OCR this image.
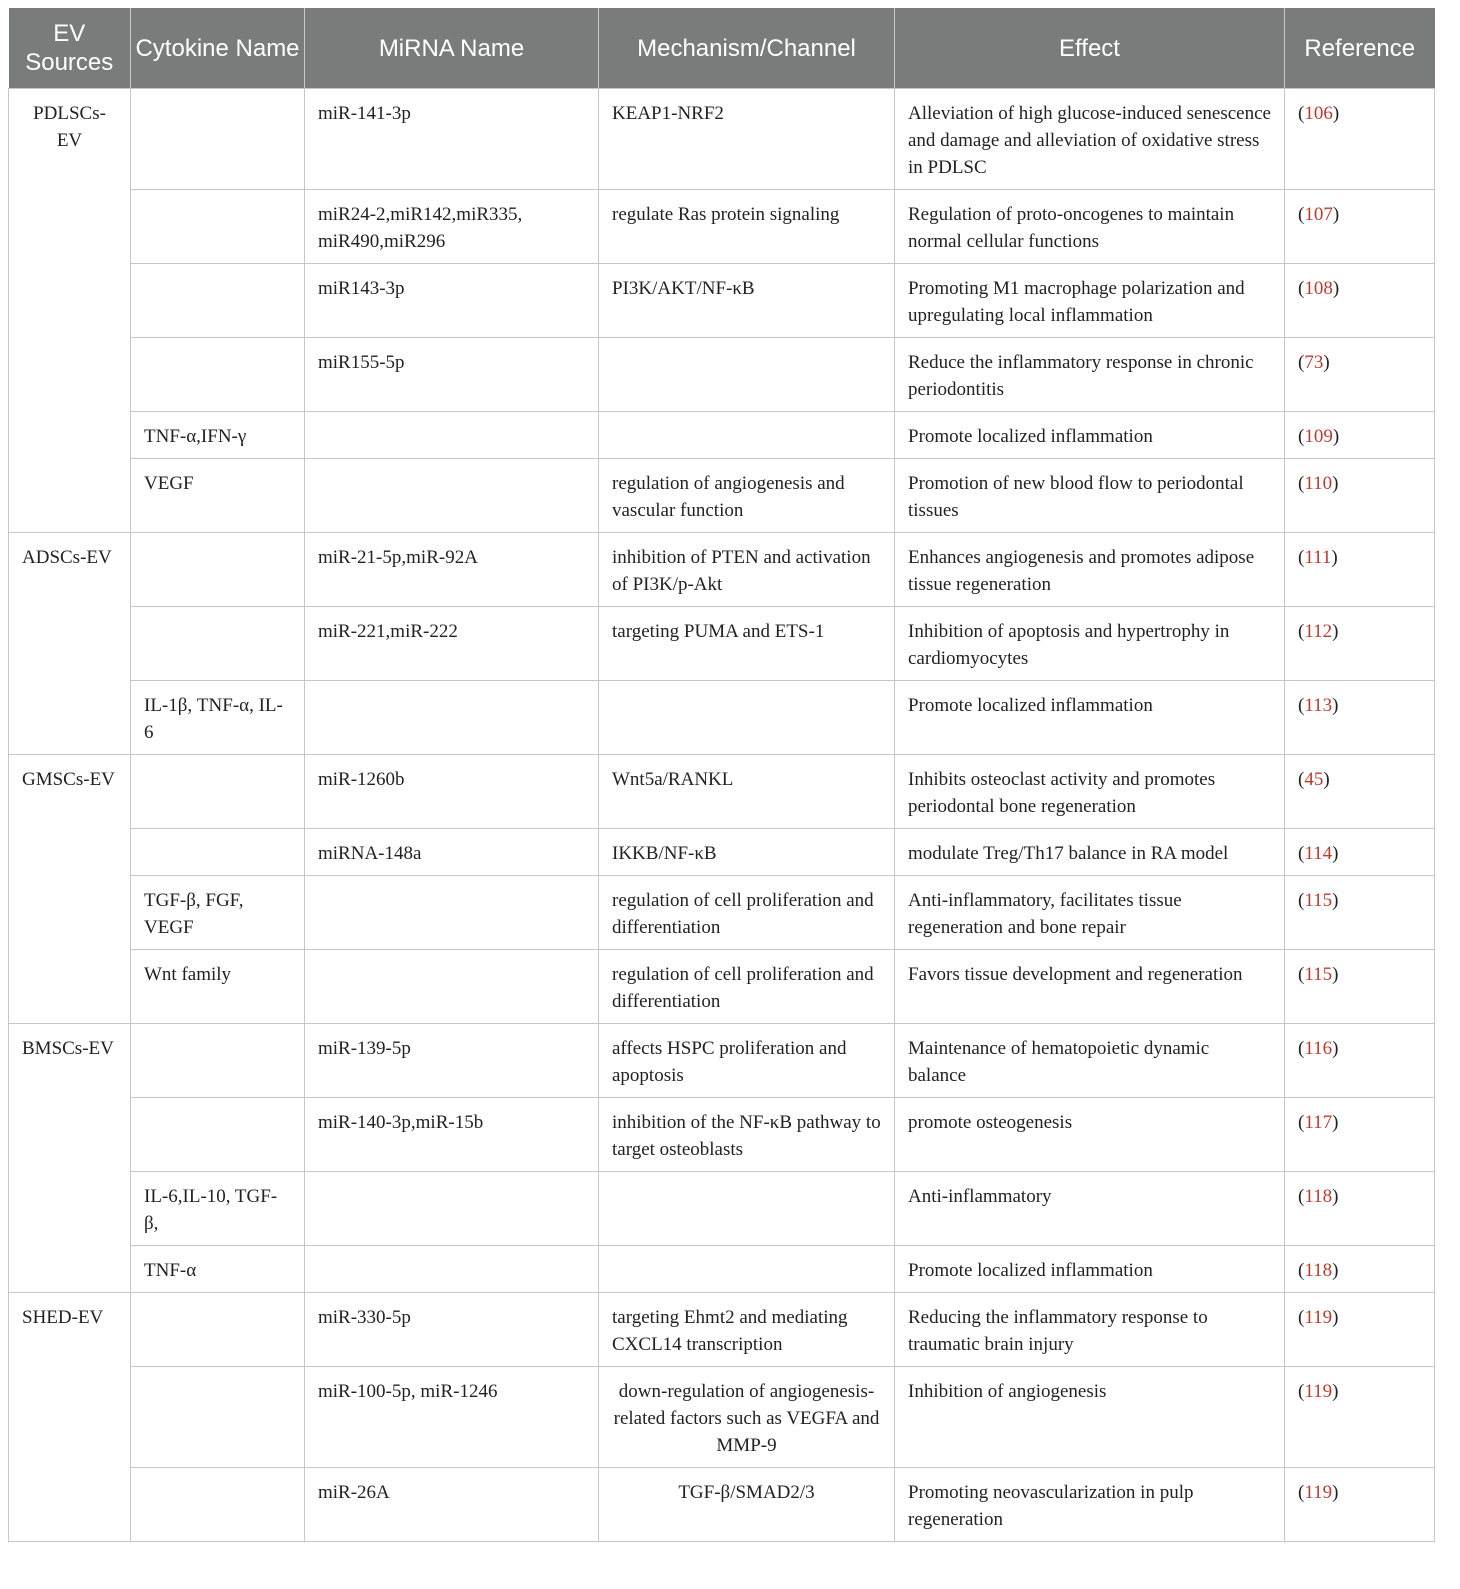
EV Sources	Cytokine Name	MiRNA Name	Mechanism/Channel	Effect	Reference
PDLSCs-EV		miR-141-3p	KEAP1-NRF2	Alleviation of high glucose-induced senescence and damage and alleviation of oxidative stress in PDLSC	(106)
		miR24-2,miR142,miR335, miR490,miR296	regulate Ras protein signaling	Regulation of proto-oncogenes to maintain normal cellular functions	(107)
		miR143-3p	PI3K/AKT/NF-κB	Promoting M1 macrophage polarization and upregulating local inflammation	(108)
		miR155-5p		Reduce the inflammatory response in chronic periodontitis	(73)
	TNF-α,IFN-γ			Promote localized inflammation	(109)
	VEGF		regulation of angiogenesis and vascular function	Promotion of new blood flow to periodontal tissues	(110)
ADSCs-EV		miR-21-5p,miR-92A	inhibition of PTEN and activation of PI3K/p-Akt	Enhances angiogenesis and promotes adipose tissue regeneration	(111)
		miR-221,miR-222	targeting PUMA and ETS-1	Inhibition of apoptosis and hypertrophy in cardiomyocytes	(112)
	IL-1β, TNF-α, IL-6			Promote localized inflammation	(113)
GMSCs-EV		miR-1260b	Wnt5a/RANKL	Inhibits osteoclast activity and promotes periodontal bone regeneration	(45)
		miRNA-148a	IKKB/NF-κB	modulate Treg/Th17 balance in RA model	(114)
	TGF-β, FGF, VEGF		regulation of cell proliferation and differentiation	Anti-inflammatory, facilitates tissue regeneration and bone repair	(115)
	Wnt family		regulation of cell proliferation and differentiation	Favors tissue development and regeneration	(115)
BMSCs-EV		miR-139-5p	affects HSPC proliferation and apoptosis	Maintenance of hematopoietic dynamic balance	(116)
		miR-140-3p,miR-15b	inhibition of the NF-κB pathway to target osteoblasts	promote osteogenesis	(117)
	IL-6,IL-10, TGF-β,			Anti-inflammatory	(118)
	TNF-α			Promote localized inflammation	(118)
SHED-EV		miR-330-5p	targeting Ehmt2 and mediating CXCL14 transcription	Reducing the inflammatory response to traumatic brain injury	(119)
		miR-100-5p, miR-1246	down-regulation of angiogenesis-related factors such as VEGFA and MMP-9	Inhibition of angiogenesis	(119)
		miR-26A	TGF-β/SMAD2/3	Promoting neovascularization in pulp regeneration	(119)
